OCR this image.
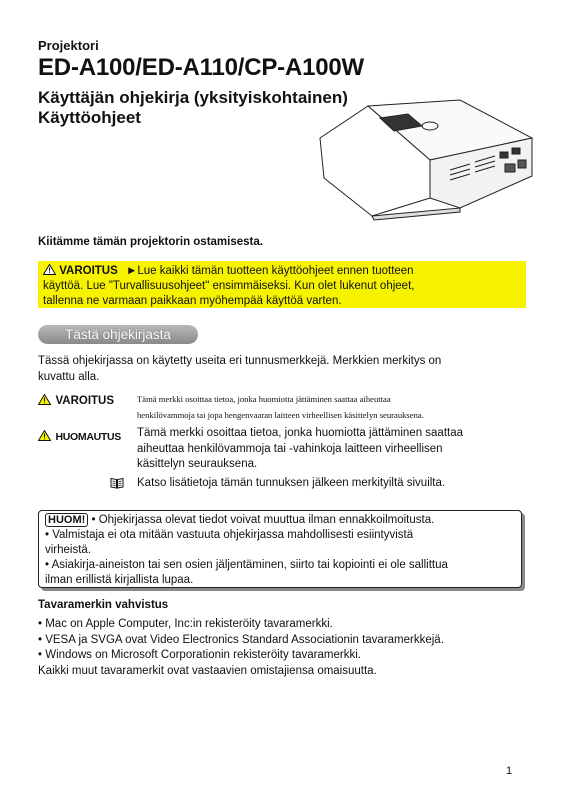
Projektori
ED-A100/ED-A110/CP-A100W
Käyttäjän ohjekirja (yksityiskohtainen)
Käyttöohjeet
Kiitämme tämän projektorin ostamisesta.
VAROITUS ►Lue kaikki tämän tuotteen käyttöohjeet ennen tuotteen
käyttöä. Lue "Turvallisuusohjeet" ensimmäiseksi. Kun olet lukenut ohjeet,
tallenna ne varmaan paikkaan myöhempää käyttöä varten.
Tästä ohjekirjasta
Tässä ohjekirjassa on käytetty useita eri tunnusmerkkejä. Merkkien merkitys on
kuvattu alla.
VAROITUS	Tämä merkki osoittaa tietoa, jonka huomiotta jättäminen saattaa aiheuttaa
henkilövammoja tai jopa hengenvaaran laitteen virheellisen käsittelyn seurauksena.
HUOMAUTUS Tämä merkki osoittaa tietoa, jonka huomiotta jättäminen saattaa
aiheuttaa henkilövammoja tai -vahinkoja laitteen virheellisen
käsittelyn seurauksena.
Katso lisätietoja tämän tunnuksen jälkeen merkityiltä sivuilta.
HUOM! • Ohjekirjassa olevat tiedot voivat muuttua ilman ennakkoilmoitusta.
• Valmistaja ei ota mitään vastuuta ohjekirjassa mahdollisesti esiintyvistä
virheistä.
• Asiakirja-aineiston tai sen osien jäljentäminen, siirto tai kopiointi ei ole sallittua
ilman erillistä kirjallista lupaa.
Tavaramerkin vahvistus
• Mac on Apple Computer, Inc:in rekisteröity tavaramerkki.
• VESA ja SVGA ovat Video Electronics Standard Associationin tavaramerkkejä.
• Windows on Microsoft Corporationin rekisteröity tavaramerkki.
Kaikki muut tavaramerkit ovat vastaavien omistajiensa omaisuutta.
1
